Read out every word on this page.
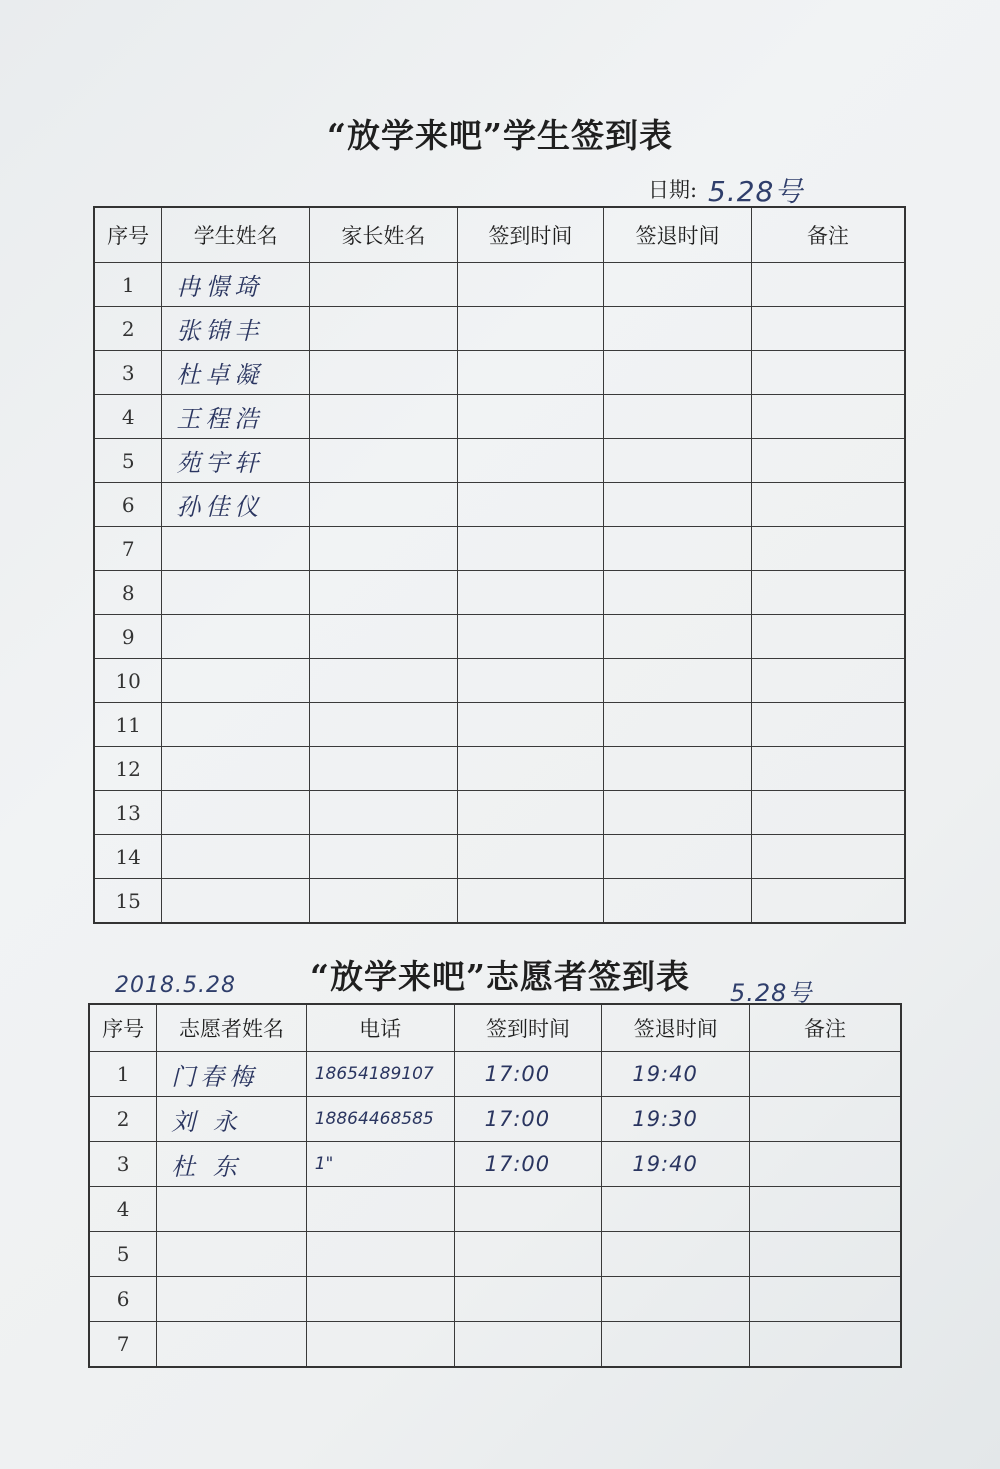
“放学来吧”学生签到表
日期: 5.28号
序号	学生姓名	家长姓名	签到时间	签退时间	备注
1	冉憬琦				
2	张锦丰				
3	杜卓凝				
4	王程浩				
5	苑宇轩				
6	孙佳仪				
7					
8					
9					
10					
11					
12					
13					
14					
15					
“放学来吧”志愿者签到表
2018.5.28	5.28号
序号	志愿者姓名	电话	签到时间	签退时间	备注
1	门春梅	18654189107	17:00	19:40	
2	刘 永	18864468585	17:00	19:30	
3	杜 东	1"	17:00	19:40	
4					
5					
6					
7					
